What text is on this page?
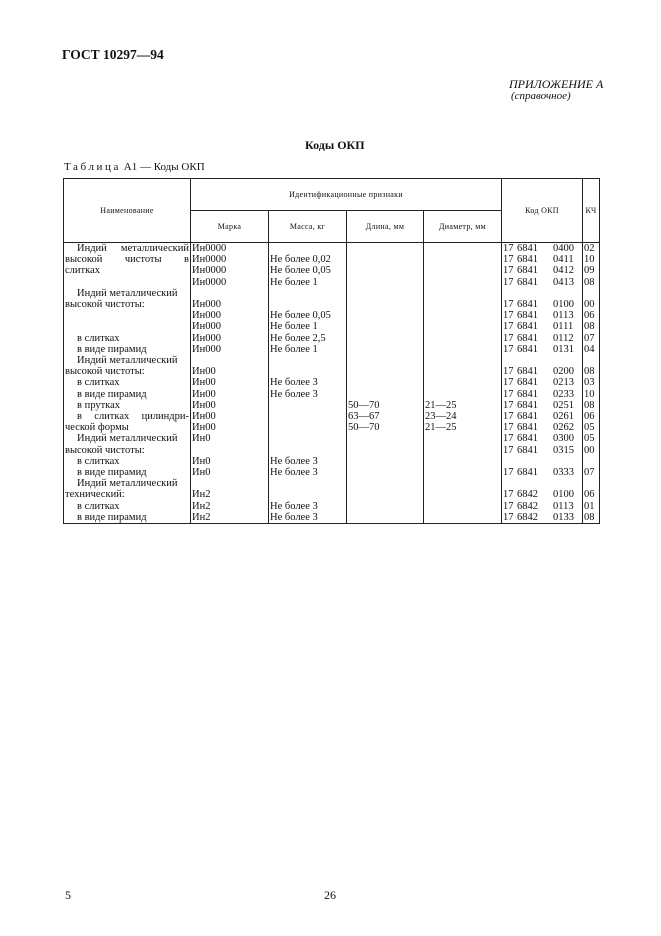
ГОСТ 10297—94
ПРИЛОЖЕНИЕ А
(справочное)
Коды ОКП
Таблица А1 — Коды ОКП
Наименование	Идентификационные признаки				Код ОКП	КЧ
	Марка	Масса, кг	Длина, мм	Диаметр, мм		

Индий металлический	Ин0000				17 6841 0400	02

высокой чистоты в	Ин0000	Не более 0,02			17 6841 0411	10

слитках	Ин0000	Не более 0,05			17 6841 0412	09

	Ин0000	Не более 1			17 6841 0413	08

Индий металлический						

высокой чистоты:	Ин000				17 6841 0100	00

	Ин000	Не более 0,05			17 6841 0113	06

	Ин000	Не более 1			17 6841 0111	08

в слитках	Ин000	Не более 2,5			17 6841 0112	07

в виде пирамид	Ин000	Не более 1			17 6841 0131	04

Индий металлический						

высокой чистоты:	Ин00				17 6841 0200	08

в слитках	Ин00	Не более 3			17 6841 0213	03

в виде пирамид	Ин00	Не более 3			17 6841 0233	10

в прутках	Ин00		50—70	21—25	17 6841 0251	08

в слитках цилиндри-	Ин00		63—67	23—24	17 6841 0261	06

ческой формы	Ин00		50—70	21—25	17 6841 0262	05

Индий металлический	Ин0				17 6841 0300	05

высокой чистоты:					17 6841 0315	00

в слитках	Ин0	Не более 3				

в виде пирамид	Ин0	Не более 3			17 6841 0333	07

Индий металлический						

технический:	Ин2				17 6842 0100	06

в слитках	Ин2	Не более 3			17 6842 0113	01

в виде пирамид	Ин2	Не более 3			17 6842 0133	08
5	26
